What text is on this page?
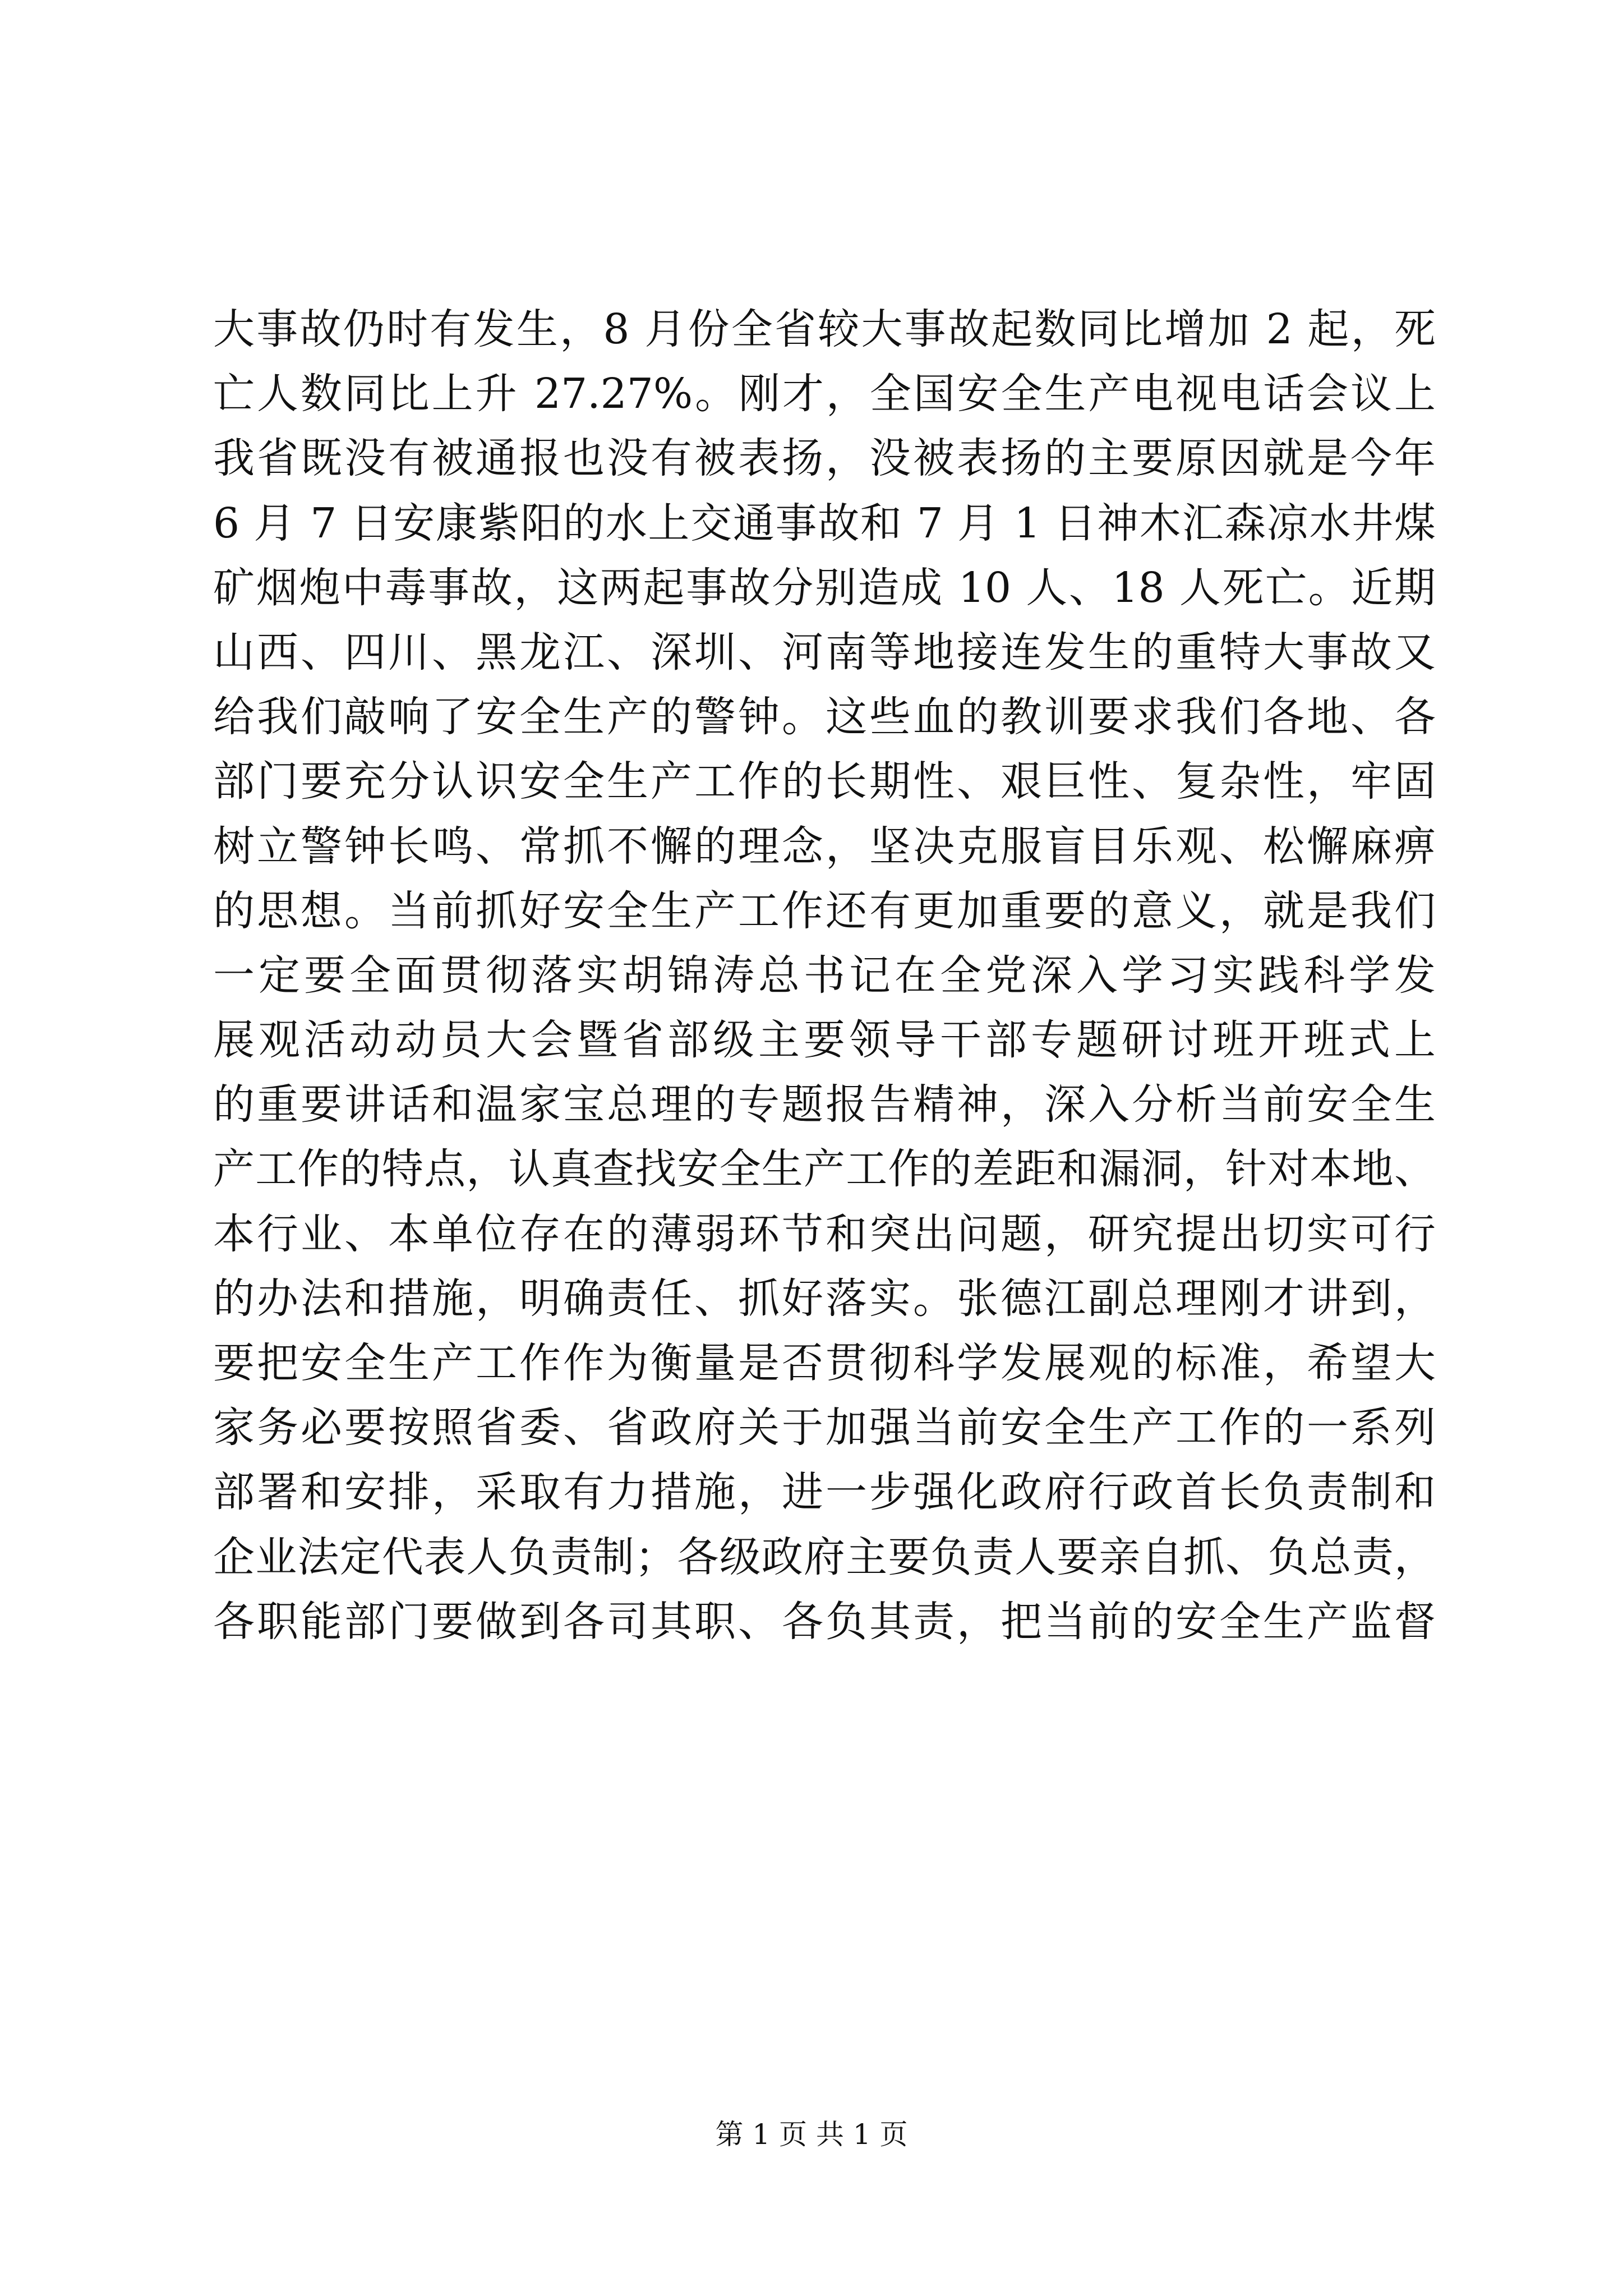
大事故仍时有发生，8 月份全省较大事故起数同比增加 2 起，死
亡人数同比上升 27.27%。刚才，全国安全生产电视电话会议上
我省既没有被通报也没有被表扬，没被表扬的主要原因就是今年
6 月 7 日安康紫阳的水上交通事故和 7 月 1 日神木汇森凉水井煤
矿烟炮中毒事故，这两起事故分别造成 10 人、18 人死亡。近期
山西、四川、黑龙江、深圳、河南等地接连发生的重特大事故又
给我们敲响了安全生产的警钟。这些血的教训要求我们各地、各
部门要充分认识安全生产工作的长期性、艰巨性、复杂性，牢固
树立警钟长鸣、常抓不懈的理念，坚决克服盲目乐观、松懈麻痹
的思想。当前抓好安全生产工作还有更加重要的意义，就是我们
一定要全面贯彻落实胡锦涛总书记在全党深入学习实践科学发
展观活动动员大会暨省部级主要领导干部专题研讨班开班式上
的重要讲话和温家宝总理的专题报告精神，深入分析当前安全生
产工作的特点，认真查找安全生产工作的差距和漏洞，针对本地、
本行业、本单位存在的薄弱环节和突出问题，研究提出切实可行
的办法和措施，明确责任、抓好落实。张德江副总理刚才讲到，
要把安全生产工作作为衡量是否贯彻科学发展观的标准，希望大
家务必要按照省委、省政府关于加强当前安全生产工作的一系列
部署和安排，采取有力措施，进一步强化政府行政首长负责制和
企业法定代表人负责制；各级政府主要负责人要亲自抓、负总责，
各职能部门要做到各司其职、各负其责，把当前的安全生产监督
第 1 页 共 1 页
